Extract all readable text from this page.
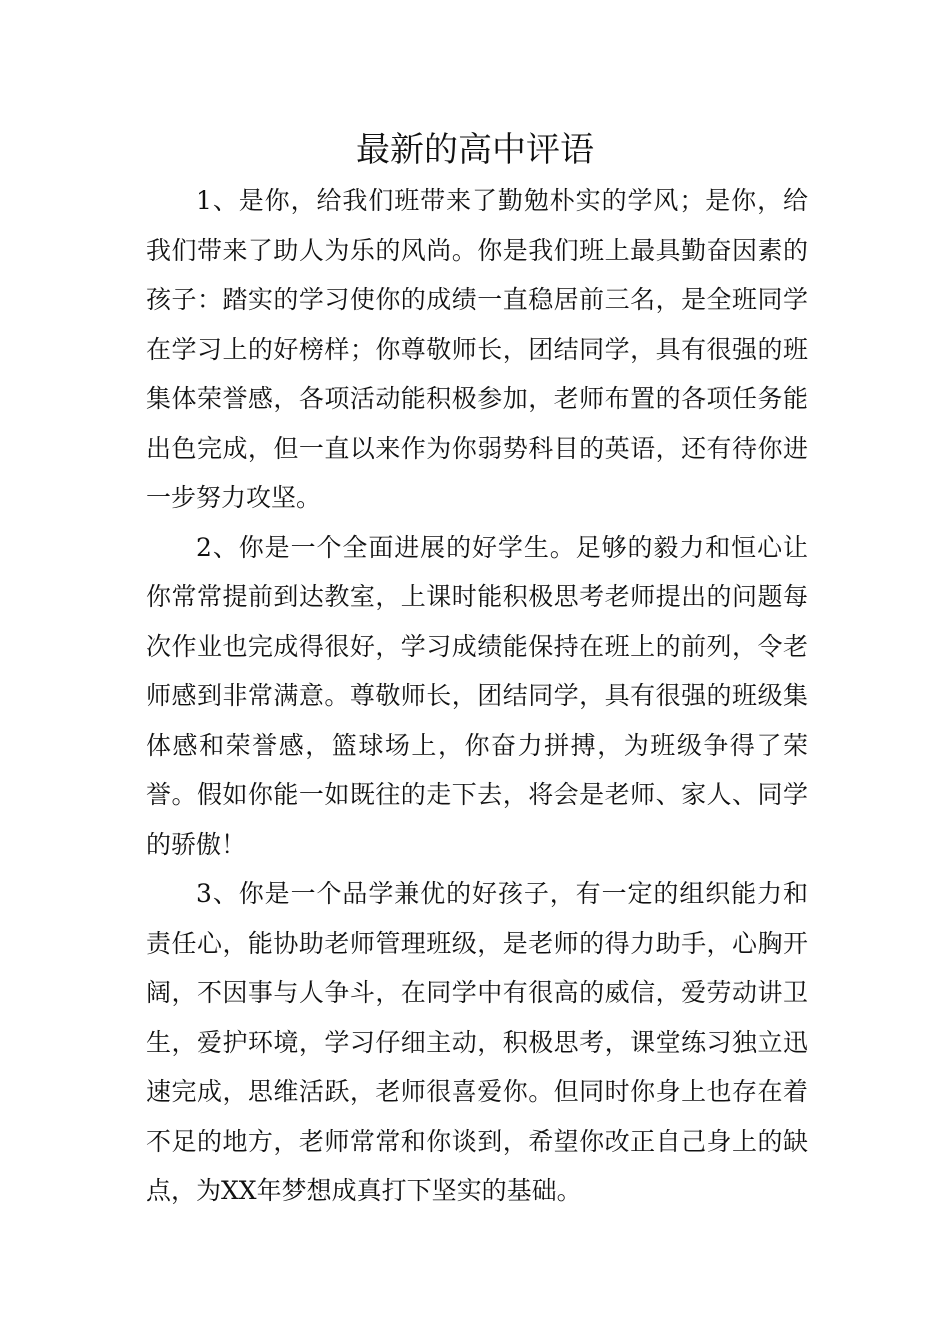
最新的高中评语

1、是你，给我们班带来了勤勉朴实的学风；是你，给我们带来了助人为乐的风尚。你是我们班上最具勤奋因素的孩子：踏实的学习使你的成绩一直稳居前三名，是全班同学在学习上的好榜样；你尊敬师长，团结同学，具有很强的班集体荣誉感，各项活动能积极参加，老师布置的各项任务能出色完成，但一直以来作为你弱势科目的英语，还有待你进一步努力攻坚。

2、你是一个全面进展的好学生。足够的毅力和恒心让你常常提前到达教室，上课时能积极思考老师提出的问题每次作业也完成得很好，学习成绩能保持在班上的前列，令老师感到非常满意。尊敬师长，团结同学，具有很强的班级集体感和荣誉感，篮球场上，你奋力拼搏，为班级争得了荣誉。假如你能一如既往的走下去，将会是老师、家人、同学的骄傲！

3、你是一个品学兼优的好孩子，有一定的组织能力和责任心，能协助老师管理班级，是老师的得力助手，心胸开阔，不因事与人争斗，在同学中有很高的威信，爱劳动讲卫生，爱护环境，学习仔细主动，积极思考，课堂练习独立迅速完成，思维活跃，老师很喜爱你。但同时你身上也存在着不足的地方，老师常常和你谈到，希望你改正自己身上的缺点，为XX年梦想成真打下坚实的基础。
